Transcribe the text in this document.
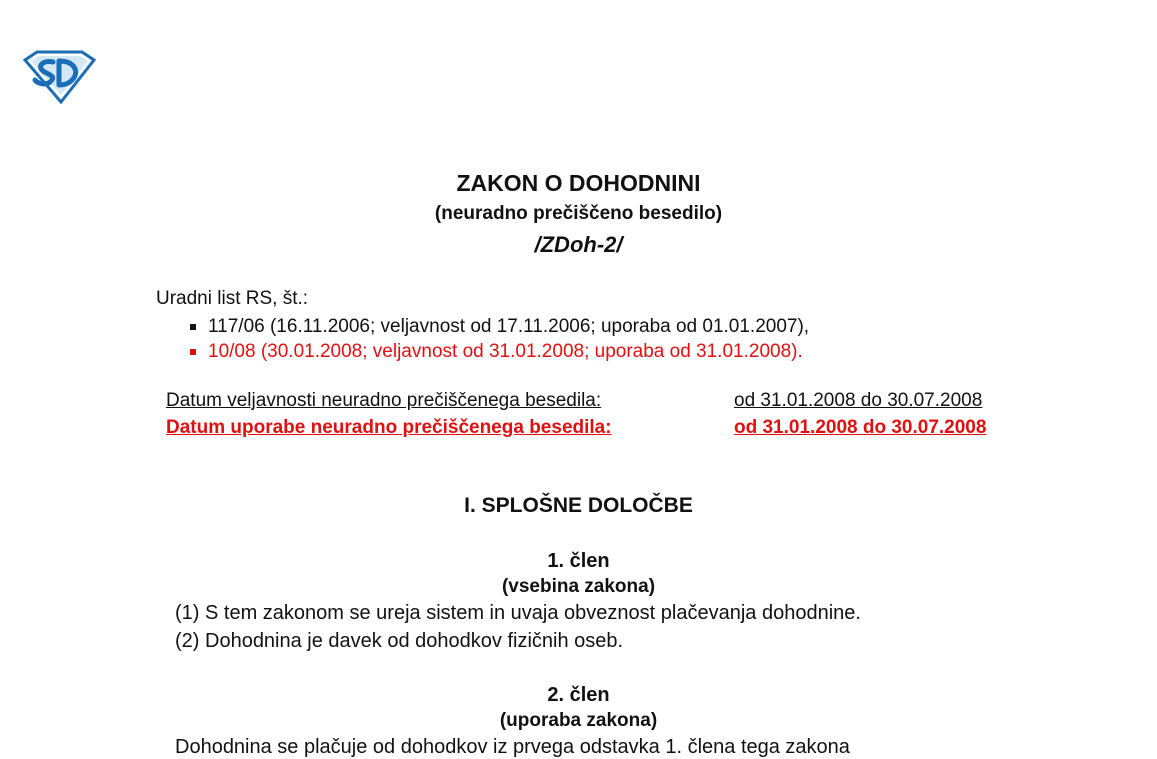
ZAKON O DOHODNINI
(neuradno prečiščeno besedilo)
/ZDoh-2/
Uradni list RS, št.:
117/06 (16.11.2006; veljavnost od 17.11.2006; uporaba od 01.01.2007),
10/08 (30.01.2008; veljavnost od 31.01.2008; uporaba od 31.01.2008).
Datum veljavnosti neuradno prečiščenega besedila:	od 31.01.2008 do 30.07.2008
Datum uporabe neuradno prečiščenega besedila:	od 31.01.2008 do 30.07.2008
I. SPLOŠNE DOLOČBE
1. člen
(vsebina zakona)
(1) S tem zakonom se ureja sistem in uvaja obveznost plačevanja dohodnine.
(2) Dohodnina je davek od dohodkov fizičnih oseb.
2. člen
(uporaba zakona)
Dohodnina se plačuje od dohodkov iz prvega odstavka 1. člena tega zakona
